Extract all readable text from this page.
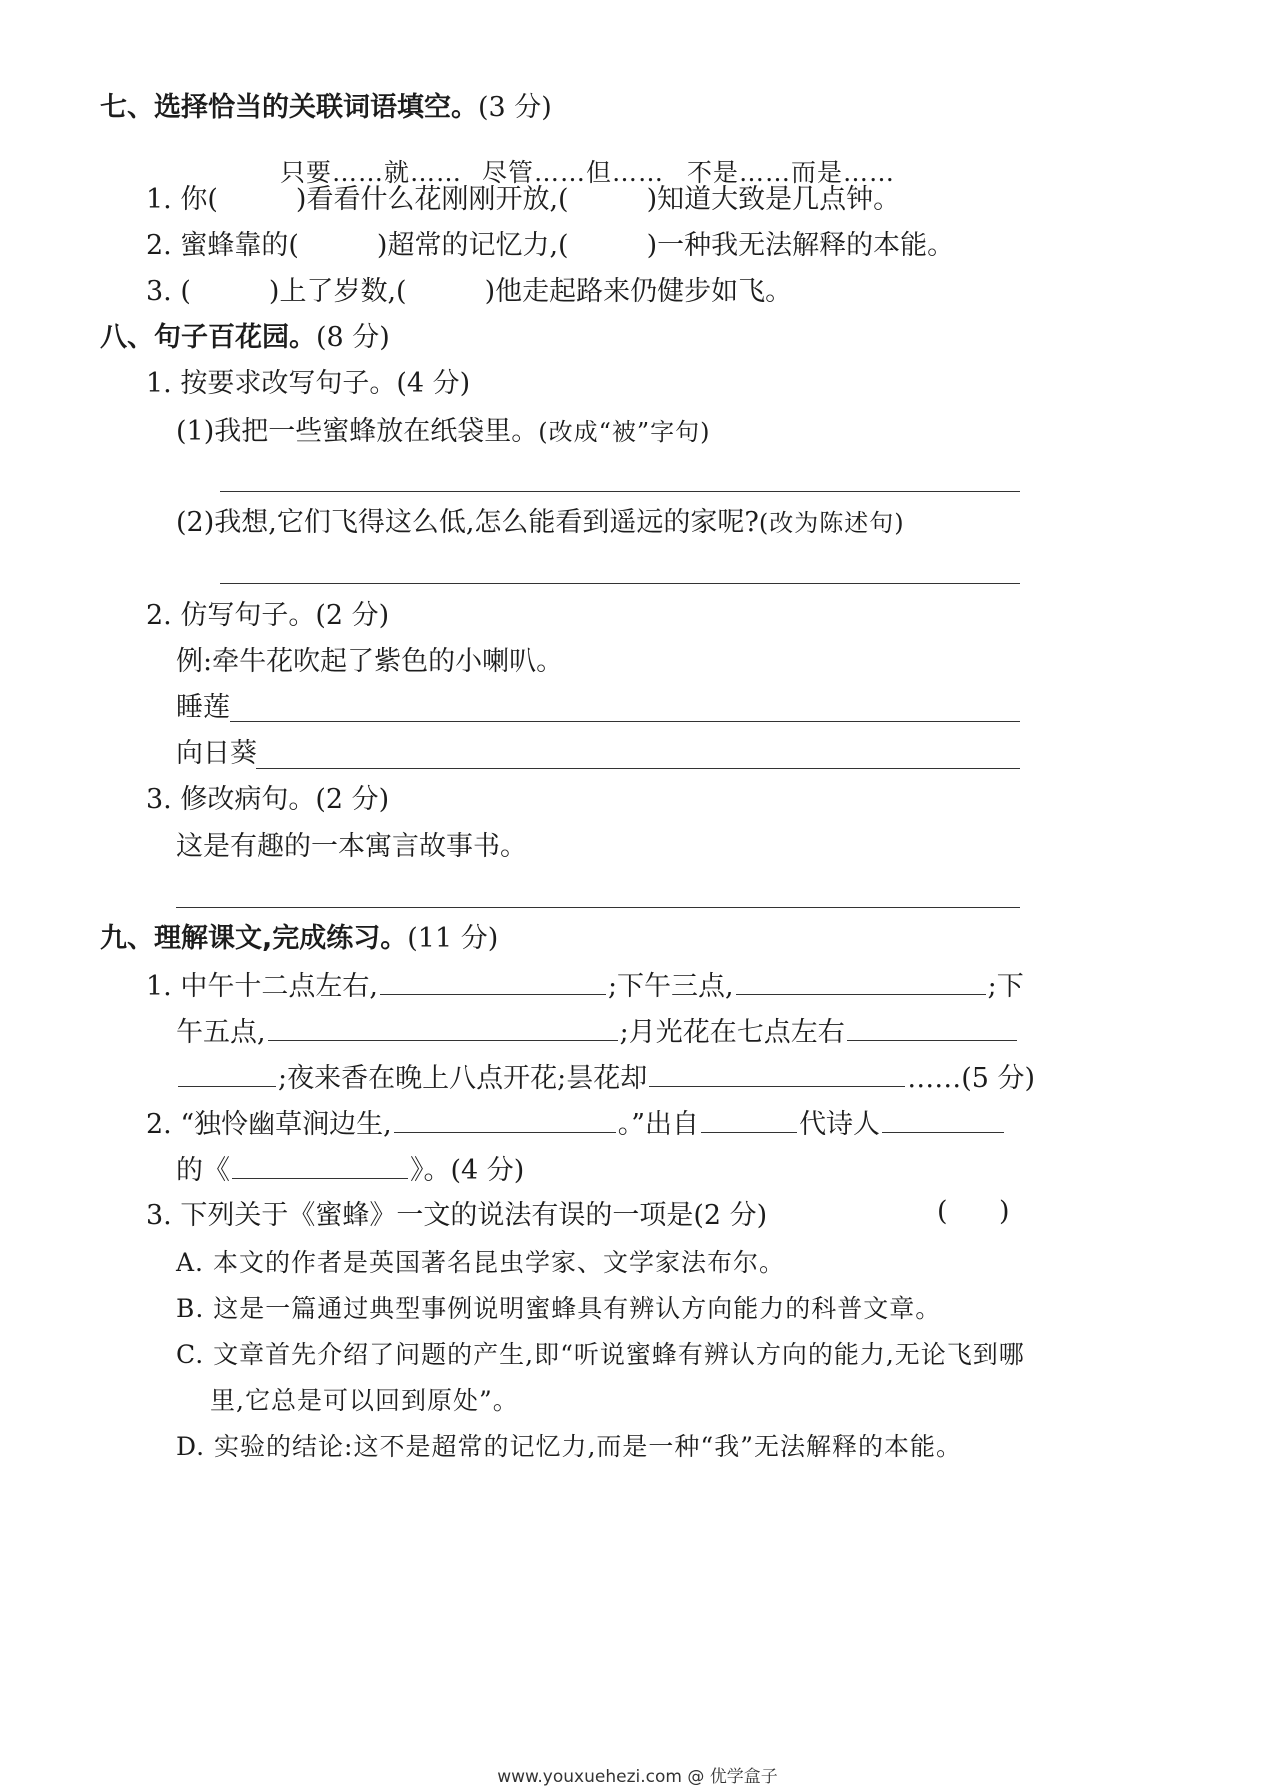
七、选择恰当的关联词语填空。(3 分)
只要……就…… 尽管……但…… 不是……而是……
1. 你(	)看看什么花刚刚开放,(	)知道大致是几点钟。
2. 蜜蜂靠的(	)超常的记忆力,(	)一种我无法解释的本能。
3. (	)上了岁数,(	)他走起路来仍健步如飞。
八、句子百花园。(8 分)
1. 按要求改写句子。(4 分)
(1)我把一些蜜蜂放在纸袋里。(改成“被”字句)
(2)我想,它们飞得这么低,怎么能看到遥远的家呢?(改为陈述句)
2. 仿写句子。(2 分)
例:牵牛花吹起了紫色的小喇叭。
睡莲
向日葵
3. 修改病句。(2 分)
这是有趣的一本寓言故事书。
九、理解课文,完成练习。(11 分)
1. 中午十二点左右,	;下午三点,	;下
午五点,	;月光花在七点左右
;夜来香在晚上八点开花;昙花却	……(5 分)
2. “独怜幽草涧边生,	。”出自	代诗人
的《	》。(4 分)
3. 下列关于《蜜蜂》一文的说法有误的一项是(2 分)	(      )
A. 本文的作者是英国著名昆虫学家、文学家法布尔。
B. 这是一篇通过典型事例说明蜜蜂具有辨认方向能力的科普文章。
C. 文章首先介绍了问题的产生,即“听说蜜蜂有辨认方向的能力,无论飞到哪
里,它总是可以回到原处”。
D. 实验的结论:这不是超常的记忆力,而是一种“我”无法解释的本能。
www.youxuehezi.com @ 优学盒子
